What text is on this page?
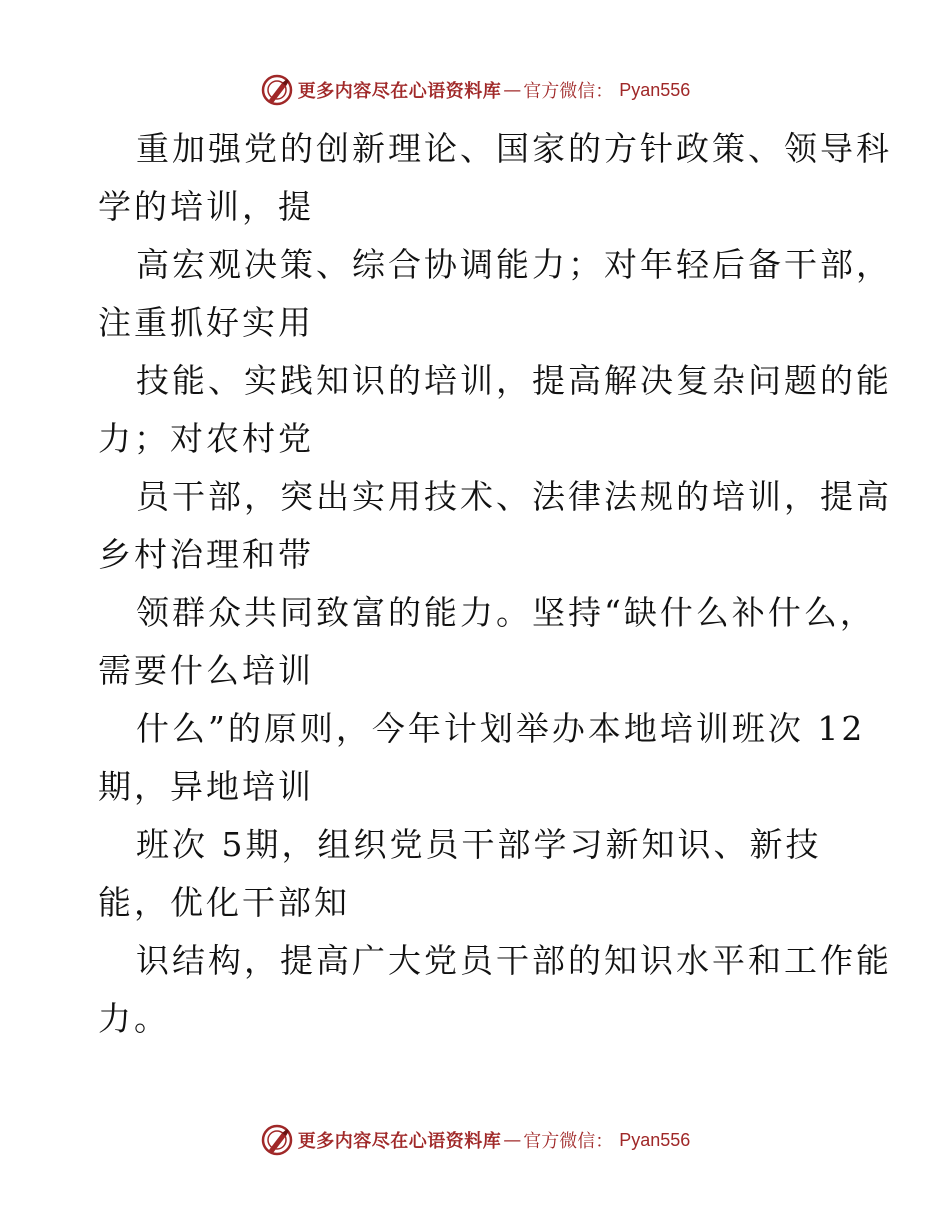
更多内容尽在心语资料库 — 官方微信： Pyan556
重加强党的创新理论、国家的方针政策、领导科
学的培训，提
高宏观决策、综合协调能力；对年轻后备干部，
注重抓好实用
技能、实践知识的培训，提高解决复杂问题的能
力；对农村党
员干部，突出实用技术、法律法规的培训，提高
乡村治理和带
领群众共同致富的能力。坚持“缺什么补什么，
需要什么培训
什么”的原则，今年计划举办本地培训班次 12
期，异地培训
班次 5期，组织党员干部学习新知识、新技
能，优化干部知
识结构，提高广大党员干部的知识水平和工作能
力。
更多内容尽在心语资料库 — 官方微信： Pyan556
